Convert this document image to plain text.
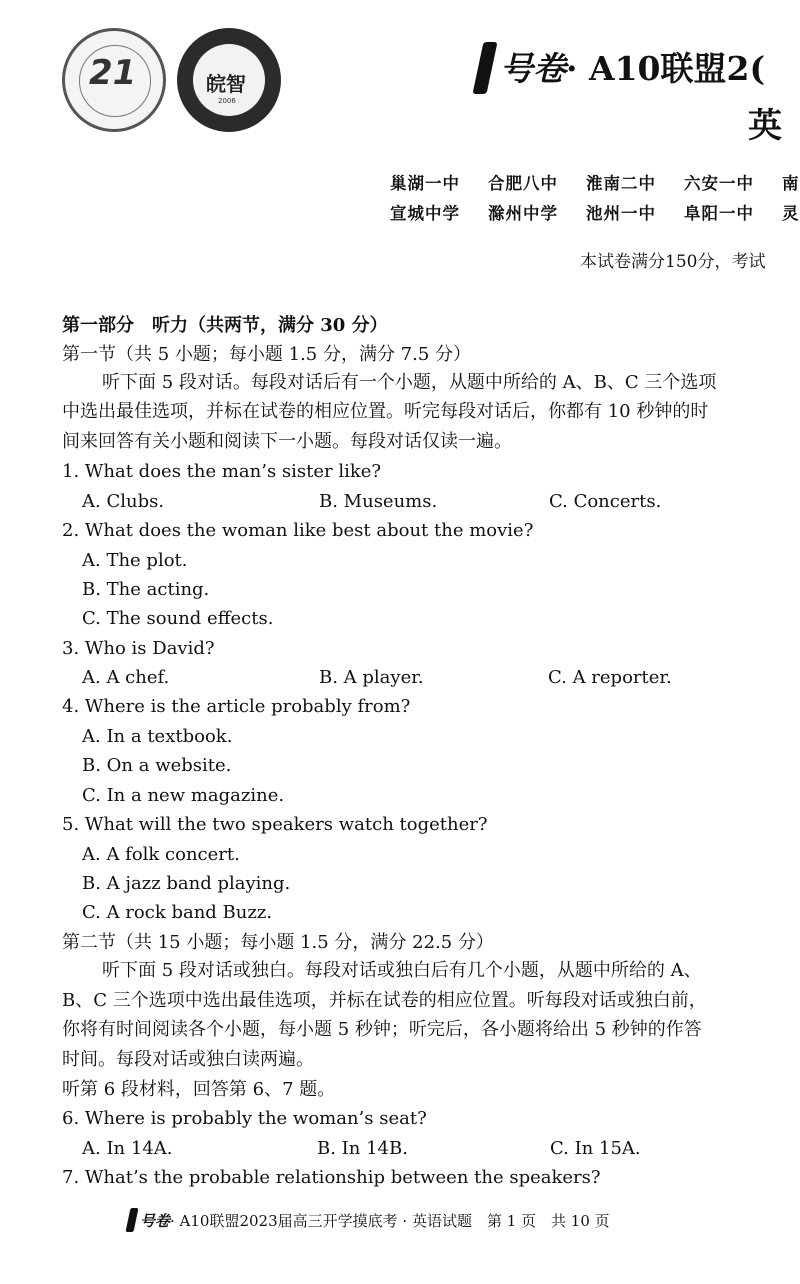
21	皖智
2006
号卷· A10联盟2(
英
巢湖一中 合肥八中 淮南二中 六安一中 南
宣城中学 滁州中学 池州一中 阜阳一中 灵
本试卷满分150分，考试
第一部分　听力（共两节，满分 30 分）
第一节（共 5 小题；每小题 1.5 分，满分 7.5 分）
听下面 5 段对话。每段对话后有一个小题，从题中所给的 A、B、C 三个选项
中选出最佳选项，并标在试卷的相应位置。听完每段对话后，你都有 10 秒钟的时
间来回答有关小题和阅读下一小题。每段对话仅读一遍。
1. What does the man’s sister like?
A. Clubs.	B. Museums.	C. Concerts.
2. What does the woman like best about the movie?
A. The plot.
B. The acting.
C. The sound effects.
3. Who is David?
A. A chef.	B. A player.	C. A reporter.
4. Where is the article probably from?
A. In a textbook.
B. On a website.
C. In a new magazine.
5. What will the two speakers watch together?
A. A folk concert.
B. A jazz band playing.
C. A rock band Buzz.
第二节（共 15 小题；每小题 1.5 分，满分 22.5 分）
听下面 5 段对话或独白。每段对话或独白后有几个小题，从题中所给的 A、
B、C 三个选项中选出最佳选项，并标在试卷的相应位置。听每段对话或独白前，
你将有时间阅读各个小题，每小题 5 秒钟；听完后，各小题将给出 5 秒钟的作答
时间。每段对话或独白读两遍。
听第 6 段材料，回答第 6、7 题。
6. Where is probably the woman’s seat?
A. In 14A.	B. In 14B.	C. In 15A.
7. What’s the probable relationship between the speakers?
号卷· A10联盟2023届高三开学摸底考 · 英语试题　第 1 页　共 10 页
